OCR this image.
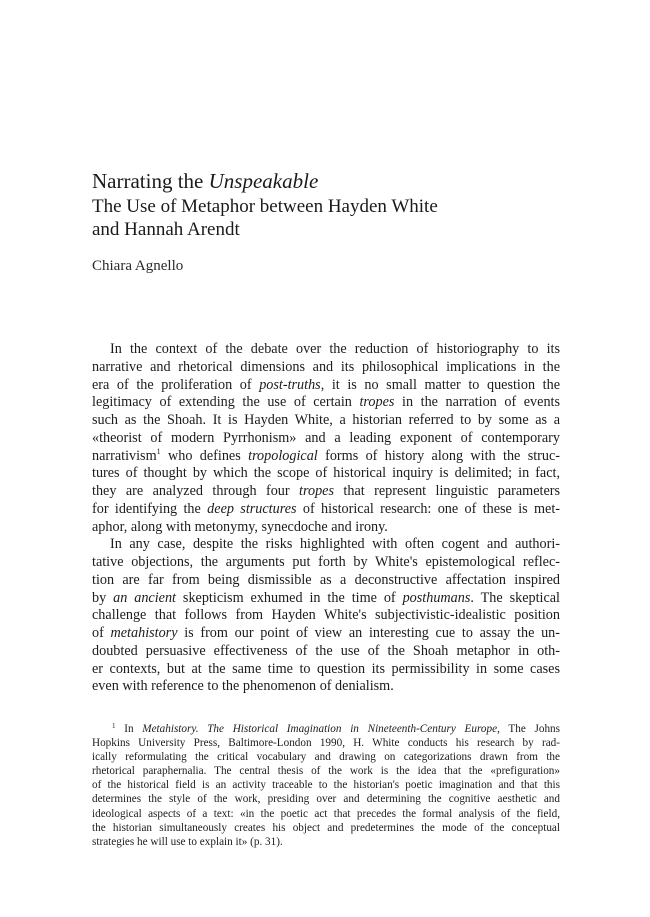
Narrating the Unspeakable
The Use of Metaphor between Hayden White
and Hannah Arendt
Chiara Agnello
In the context of the debate over the reduction of historiography to its
narrative and rhetorical dimensions and its philosophical implications in the
era of the proliferation of post-truths, it is no small matter to question the
legitimacy of extending the use of certain tropes in the narration of events
such as the Shoah. It is Hayden White, a historian referred to by some as a
«theorist of modern Pyrrhonism» and a leading exponent of contemporary
narrativism$^1$ who defines tropological forms of history along with the struc-
tures of thought by which the scope of historical inquiry is delimited; in fact,
they are analyzed through four tropes that represent linguistic parameters
for identifying the deep structures of historical research: one of these is met-
aphor, along with metonymy, synecdoche and irony.
In any case, despite the risks highlighted with often cogent and authori-
tative objections, the arguments put forth by White's epistemological reflec-
tion are far from being dismissible as a deconstructive affectation inspired
by an ancient skepticism exhumed in the time of posthumans. The skeptical
challenge that follows from Hayden White's subjectivistic-idealistic position
of metahistory is from our point of view an interesting cue to assay the un-
doubted persuasive effectiveness of the use of the Shoah metaphor in oth-
er contexts, but at the same time to question its permissibility in some cases
even with reference to the phenomenon of denialism.
$^1$ In Metahistory. The Historical Imagination in Nineteenth-Century Europe, The Johns
Hopkins University Press, Baltimore-London 1990, H. White conducts his research by rad-
ically reformulating the critical vocabulary and drawing on categorizations drawn from the
rhetorical paraphernalia. The central thesis of the work is the idea that the «prefiguration»
of the historical field is an activity traceable to the historian's poetic imagination and that this
determines the style of the work, presiding over and determining the cognitive aesthetic and
ideological aspects of a text: «in the poetic act that precedes the formal analysis of the field,
the historian simultaneously creates his object and predetermines the mode of the conceptual
strategies he will use to explain it» (p. 31).
